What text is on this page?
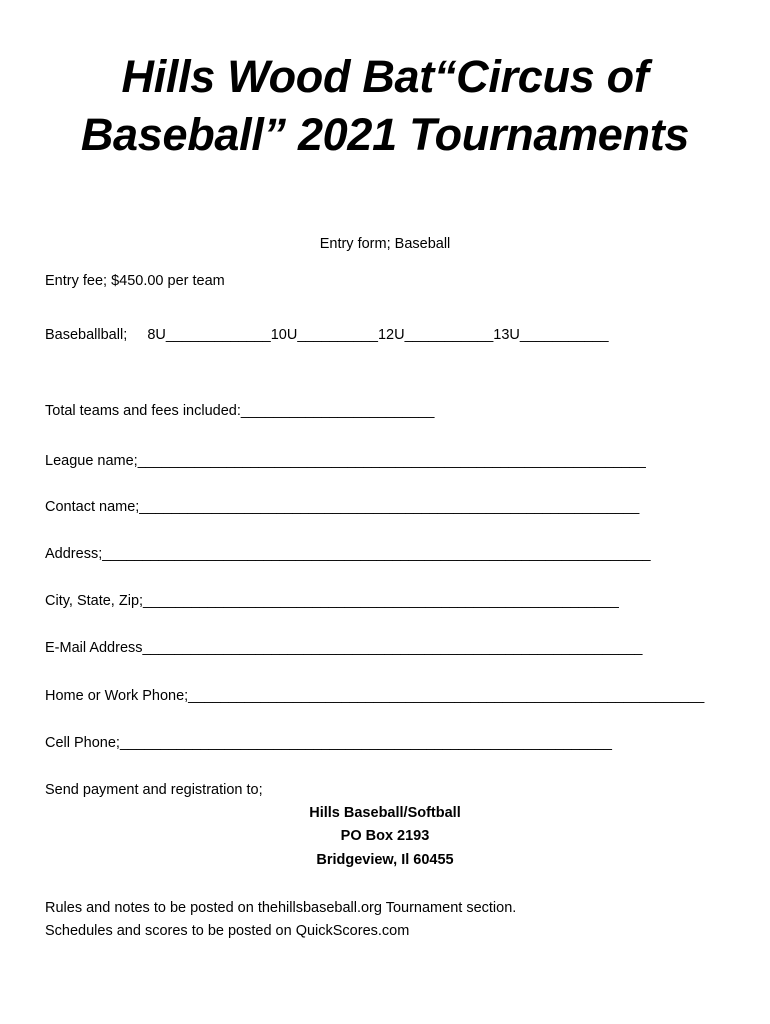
Hills Wood Bat“Circus of
Baseball” 2021 Tournaments
Entry form; Baseball
Entry fee; $450.00 per team
Baseballball;     8U_____________10U__________12U___________13U___________
Total teams and fees included:________________________
League name;_______________________________________________________________
Contact name;______________________________________________________________
Address;____________________________________________________________________
City, State, Zip;___________________________________________________________
E-Mail Address______________________________________________________________
Home or Work Phone;________________________________________________________________
Cell Phone;_____________________________________________________________
Send payment and registration to;
Hills Baseball/Softball
PO Box 2193
Bridgeview, Il 60455
Rules and notes to be posted on thehillsbaseball.org Tournament section.
Schedules and scores to be posted on QuickScores.com
